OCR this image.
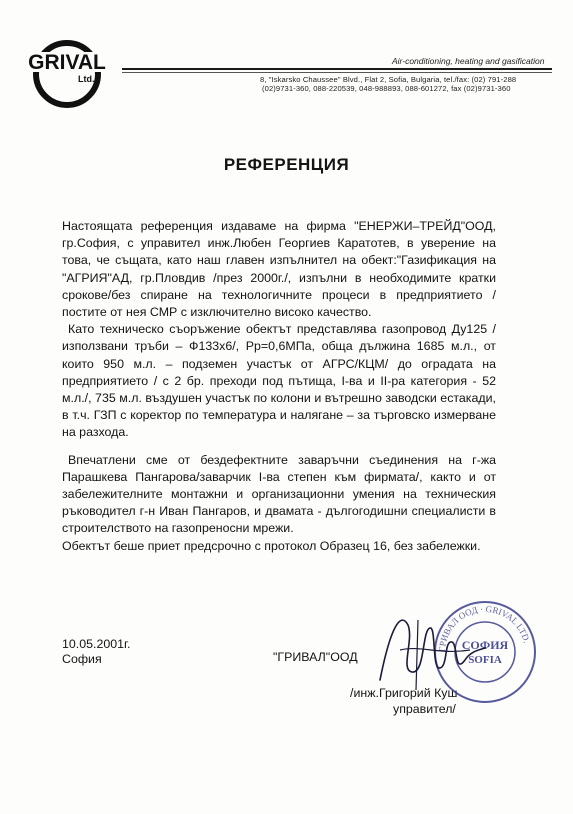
GRIVAL
Ltd.
Air-conditioning, heating and gasification
8, "Iskarsko Chaussee" Blvd., Flat 2, Sofia, Bulgaria, tel./fax: (02) 791-288
(02)9731-360, 088-220539, 048-988893, 088-601272, fax (02)9731-360
РЕФЕРЕНЦИЯ

Настоящата референция издаваме на фирма "ЕНЕРЖИ–ТРЕЙД"ООД, гр.София, с управител инж.Любен Георгиев Каратотев, в уверение на това, че същата, като наш главен изпълнител на обект:"Газификация на "АГРИЯ"АД, гр.Пловдив /през 2000г./, изпълни в необходимите кратки срокове/без спиране на технологичните процеси в предприятието / постите от нея СМР с изключително високо качество.

Като техническо съоръжение обектът представлява газопровод Ду125 /използвани тръби – Ф133х6/, Рр=0,6МПа, обща дължина 1685 м.л., от които 950 м.л. – подземен участък от АГРС/КЦМ/ до оградата на предприятието / с 2 бр. преходи под пътища, I-ва и II-ра категория - 52 м.л./, 735 м.л. въздушен участък по колони и вътрешно заводски естакади, в т.ч. ГЗП с коректор по температура и налягане – за търговско измерване на разхода.

Впечатлени сме от бездефектните заваръчни съединения на г-жа Парашкева Пангарова/заварчик I-ва степен към фирмата/, както и от забележителните монтажни и организационни умения на техническия ръководител г-н Иван Пангаров, и двамата - дългогодишни специалисти в строителството на газопреносни мрежи.

Обектът беше приет предсрочно с протокол Образец 16, без забележки.

10.05.2001г.
София	"ГРИВАЛ"ООД
/инж.Григорий Куш
управител/
ГРИВАЛ ООД · GRIVAL LTD.
СОФИЯ
SOFIA
